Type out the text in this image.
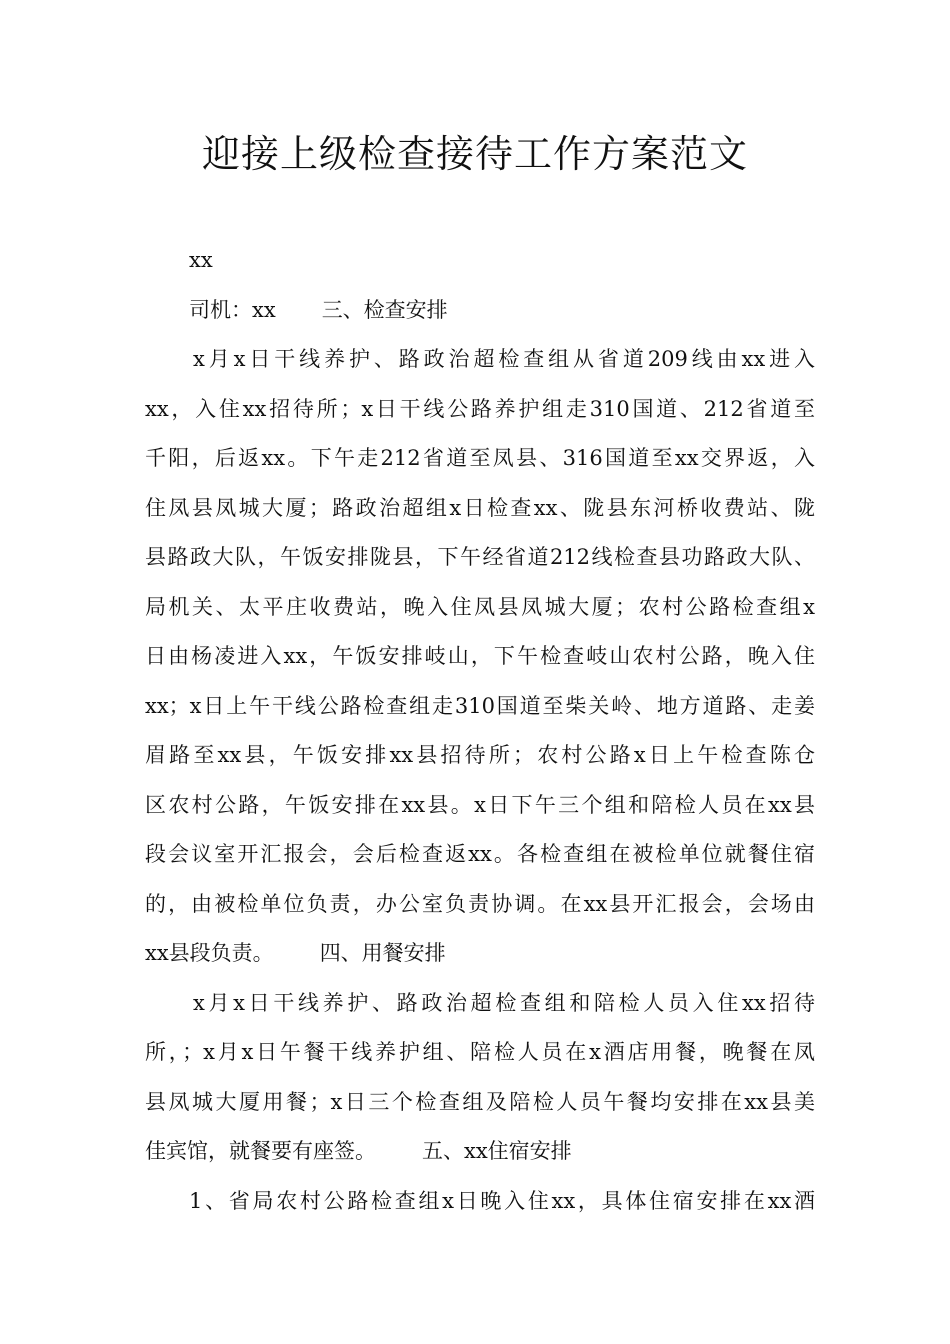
迎接上级检查接待工作方案范文
xx
司机：xx 三、检查安排
x月x日干线养护、路政治超检查组从省道209线由xx进入
xx，入住xx招待所；x日干线公路养护组走310国道、212省道至
千阳，后返xx。下午走212省道至凤县、316国道至xx交界返，入
住凤县凤城大厦；路政治超组x日检查xx、陇县东河桥收费站、陇
县路政大队，午饭安排陇县，下午经省道212线检查县功路政大队、
局机关、太平庄收费站，晚入住凤县凤城大厦；农村公路检查组x
日由杨凌进入xx，午饭安排岐山，下午检查岐山农村公路，晚入住
xx；x日上午干线公路检查组走310国道至柴关岭、地方道路、走姜
眉路至xx县，午饭安排xx县招待所；农村公路x日上午检查陈仓
区农村公路，午饭安排在xx县。x日下午三个组和陪检人员在xx县
段会议室开汇报会，会后检查返xx。各检查组在被检单位就餐住宿
的，由被检单位负责，办公室负责协调。在xx县开汇报会，会场由
xx县段负责。 四、用餐安排
x月x日干线养护、路政治超检查组和陪检人员入住xx招待
所，；x月x日午餐干线养护组、陪检人员在x酒店用餐，晚餐在凤
县凤城大厦用餐；x日三个检查组及陪检人员午餐均安排在xx县美
佳宾馆，就餐要有座签。 五、xx住宿安排
1、省局农村公路检查组x日晚入住xx，具体住宿安排在xx酒
